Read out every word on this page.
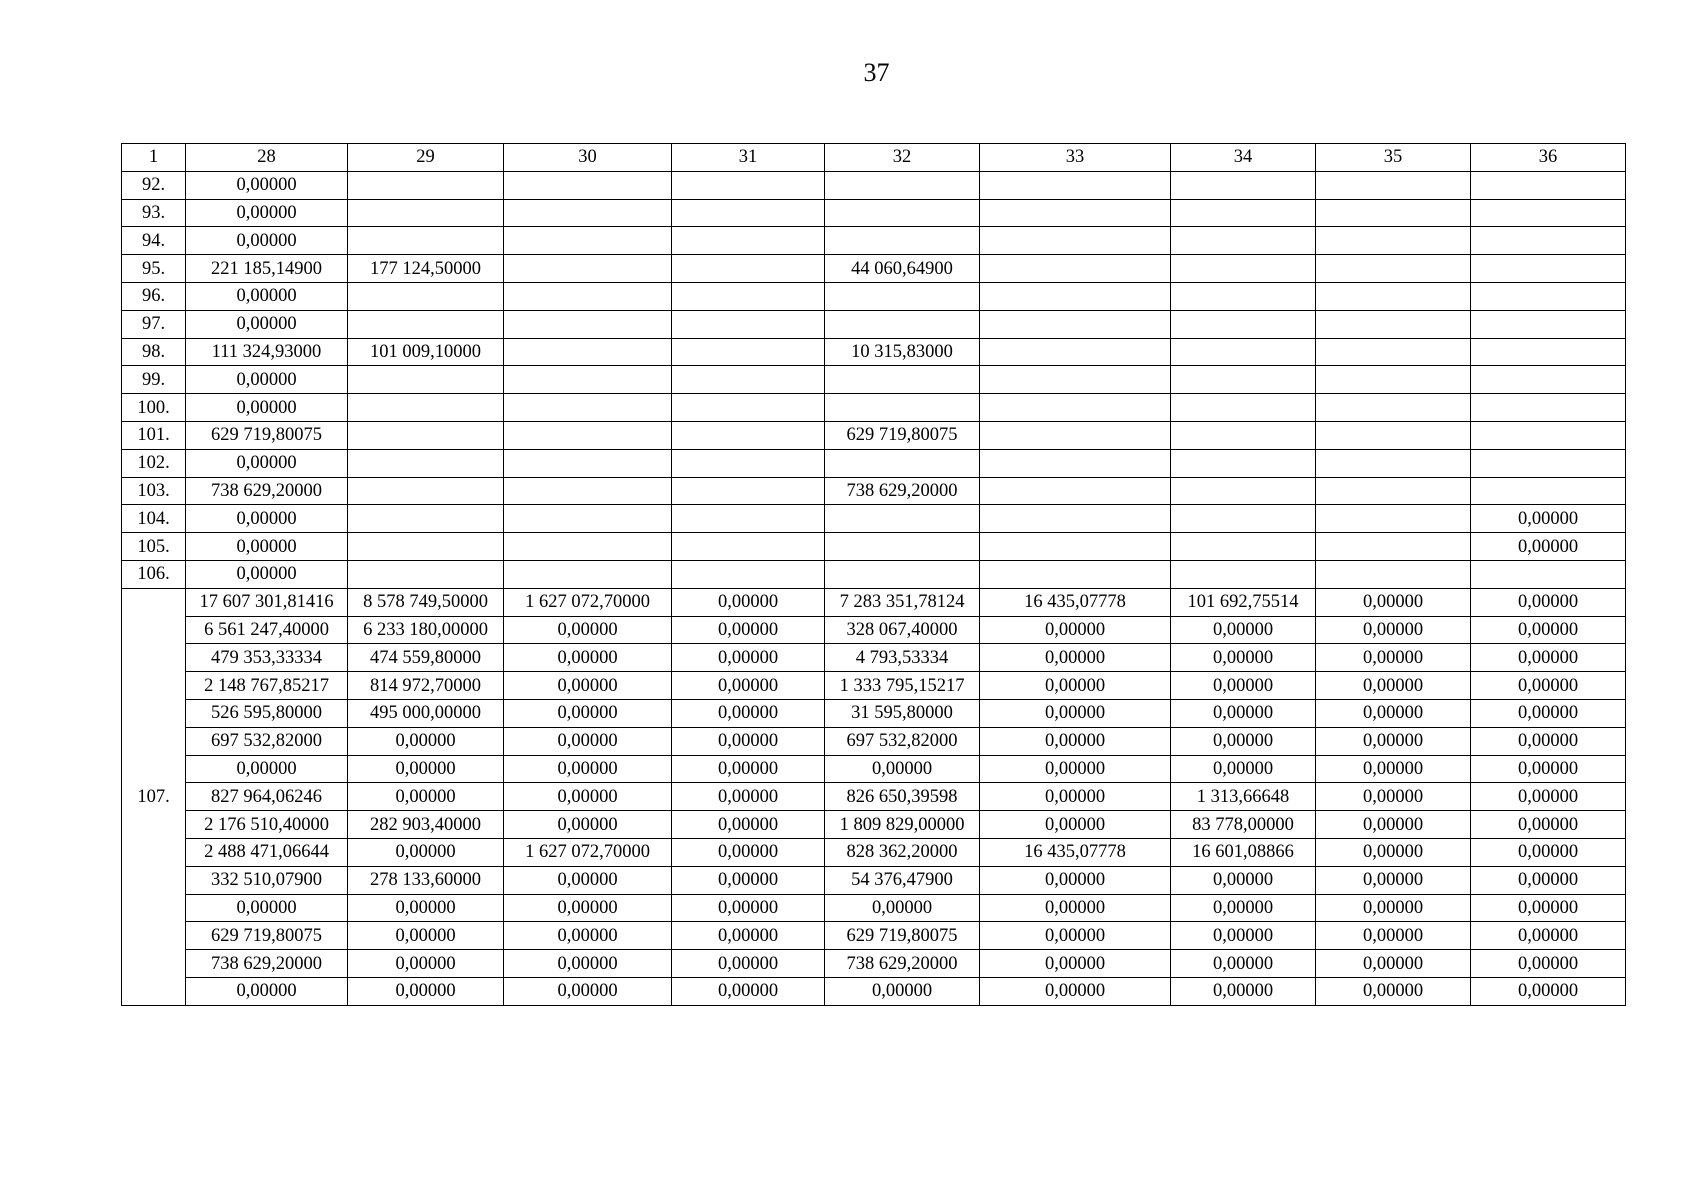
37
1	28	29	30	31	32	33	34	35	36
92.	0,00000								
93.	0,00000								
94.	0,00000								
95.	221 185,14900	177 124,50000			44 060,64900				
96.	0,00000								
97.	0,00000								
98.	111 324,93000	101 009,10000			10 315,83000				
99.	0,00000								
100.	0,00000								
101.	629 719,80075				629 719,80075				
102.	0,00000								
103.	738 629,20000				738 629,20000				
104.	0,00000								0,00000
105.	0,00000								0,00000
106.	0,00000								
107.	17 607 301,81416	8 578 749,50000	1 627 072,70000	0,00000	7 283 351,78124	16 435,07778	101 692,75514	0,00000	0,00000
	6 561 247,40000	6 233 180,00000	0,00000	0,00000	328 067,40000	0,00000	0,00000	0,00000	0,00000
	479 353,33334	474 559,80000	0,00000	0,00000	4 793,53334	0,00000	0,00000	0,00000	0,00000
	2 148 767,85217	814 972,70000	0,00000	0,00000	1 333 795,15217	0,00000	0,00000	0,00000	0,00000
	526 595,80000	495 000,00000	0,00000	0,00000	31 595,80000	0,00000	0,00000	0,00000	0,00000
	697 532,82000	0,00000	0,00000	0,00000	697 532,82000	0,00000	0,00000	0,00000	0,00000
	0,00000	0,00000	0,00000	0,00000	0,00000	0,00000	0,00000	0,00000	0,00000
	827 964,06246	0,00000	0,00000	0,00000	826 650,39598	0,00000	1 313,66648	0,00000	0,00000
	2 176 510,40000	282 903,40000	0,00000	0,00000	1 809 829,00000	0,00000	83 778,00000	0,00000	0,00000
	2 488 471,06644	0,00000	1 627 072,70000	0,00000	828 362,20000	16 435,07778	16 601,08866	0,00000	0,00000
	332 510,07900	278 133,60000	0,00000	0,00000	54 376,47900	0,00000	0,00000	0,00000	0,00000
	0,00000	0,00000	0,00000	0,00000	0,00000	0,00000	0,00000	0,00000	0,00000
	629 719,80075	0,00000	0,00000	0,00000	629 719,80075	0,00000	0,00000	0,00000	0,00000
	738 629,20000	0,00000	0,00000	0,00000	738 629,20000	0,00000	0,00000	0,00000	0,00000
	0,00000	0,00000	0,00000	0,00000	0,00000	0,00000	0,00000	0,00000	0,00000
